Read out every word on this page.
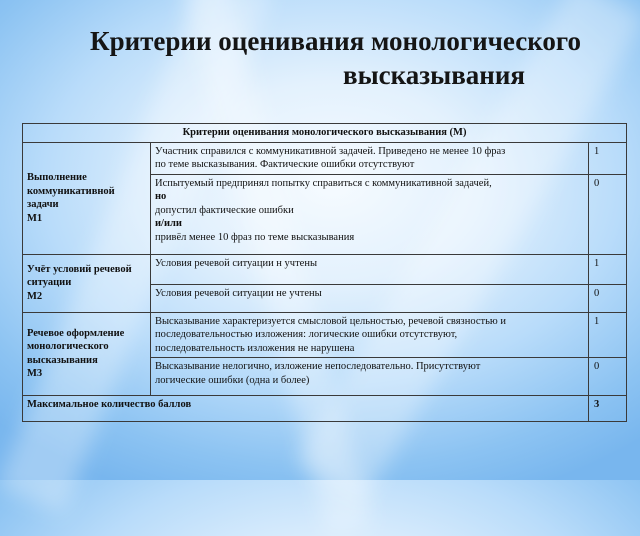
Критерии оценивания монологического
высказывания
Критерии оценивания монологического высказывания (М)		
Выполнение
коммуникативной
задачи
М1	Участник справился с коммуникативной задачей. Приведено не менее 10 фраз
по теме высказывания. Фактические ошибки отсутствуют	1
	Испытуемый предпринял попытку справиться с коммуникативной задачей,
но
допустил фактические ошибки
и/или
привёл менее 10 фраз по теме высказывания	0
Учёт условий речевой
ситуации
М2	Условия речевой ситуации н учтены	1
	Условия речевой ситуации не учтены	0
Речевое оформление
монологического
высказывания
М3	Высказывание характеризуется смысловой цельностью, речевой связностью и
последовательностью изложения: логические ошибки отсутствуют,
последовательность изложения не нарушена	1
	Высказывание нелогично, изложение непоследовательно. Присутствуют
логические ошибки (одна и более)	0
Максимальное количество баллов		3
